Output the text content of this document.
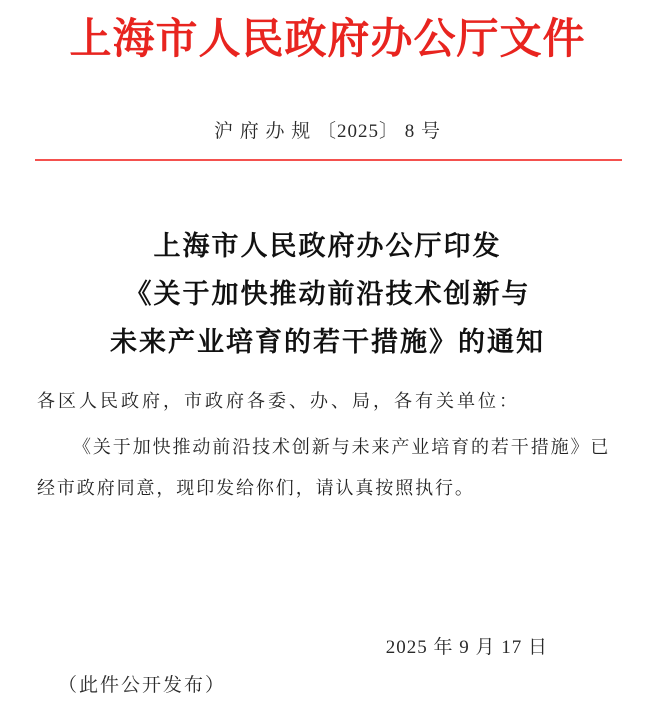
上海市人民政府办公厅文件
沪 府 办 规 〔2025〕 8 号
上海市人民政府办公厅印发
《关于加快推动前沿技术创新与
未来产业培育的若干措施》的通知
各区人民政府，市政府各委、办、局，各有关单位：
《关于加快推动前沿技术创新与未来产业培育的若干措施》已
经市政府同意，现印发给你们，请认真按照执行。
2025 年 9 月 17 日
（此件公开发布）
